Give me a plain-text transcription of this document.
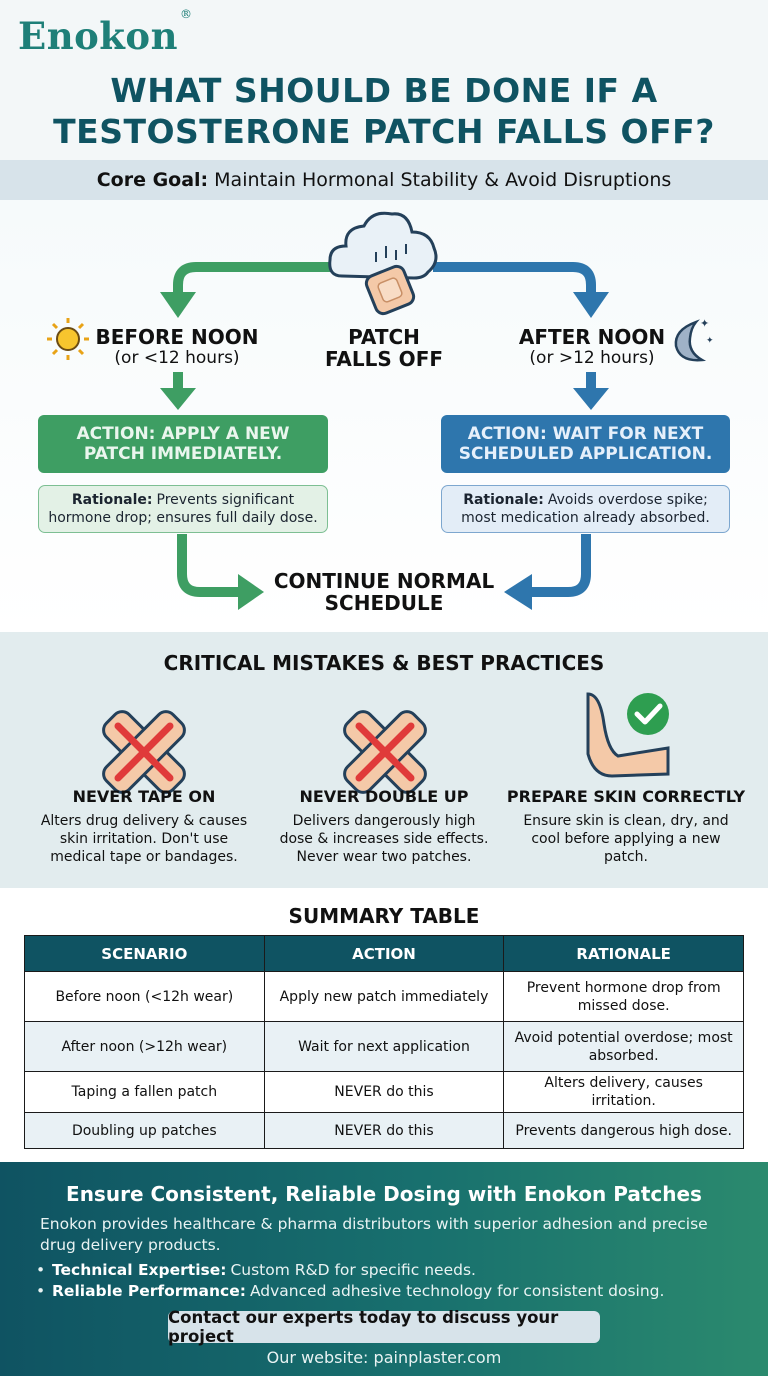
Enokon®
WHAT SHOULD BE DONE IF A
TESTOSTERONE PATCH FALLS OFF?
Core Goal: Maintain Hormonal Stability & Avoid Disruptions
✦
✦
PATCH
FALLS OFF
BEFORE NOON
(or <12 hours)
ACTION: APPLY A NEW
PATCH IMMEDIATELY.
Rationale: Prevents significant
hormone drop; ensures full daily dose.
AFTER NOON
(or >12 hours)
ACTION: WAIT FOR NEXT
SCHEDULED APPLICATION.
Rationale: Avoids overdose spike;
most medication already absorbed.
CONTINUE NORMAL
SCHEDULE
CRITICAL MISTAKES & BEST PRACTICES
NEVER TAPE ON
Alters drug delivery & causes
skin irritation. Don't use
medical tape or bandages.
NEVER DOUBLE UP
Delivers dangerously high
dose & increases side effects.
Never wear two patches.
PREPARE SKIN CORRECTLY
Ensure skin is clean, dry, and
cool before applying a new
patch.
SUMMARY TABLE
SCENARIO	ACTION	RATIONALE
Before noon (<12h wear)	Apply new patch immediately	Prevent hormone drop from missed dose.
After noon (>12h wear)	Wait for next application	Avoid potential overdose; most absorbed.
Taping a fallen patch	NEVER do this	Alters delivery, causes irritation.
Doubling up patches	NEVER do this	Prevents dangerous high dose.
Ensure Consistent, Reliable Dosing with Enokon Patches
Enokon provides healthcare & pharma distributors with superior adhesion and precise drug delivery products.
• Technical Expertise: Custom R&D for specific needs.
• Reliable Performance: Advanced adhesive technology for consistent dosing.
Contact our experts today to discuss your project
Our website: painplaster.com
